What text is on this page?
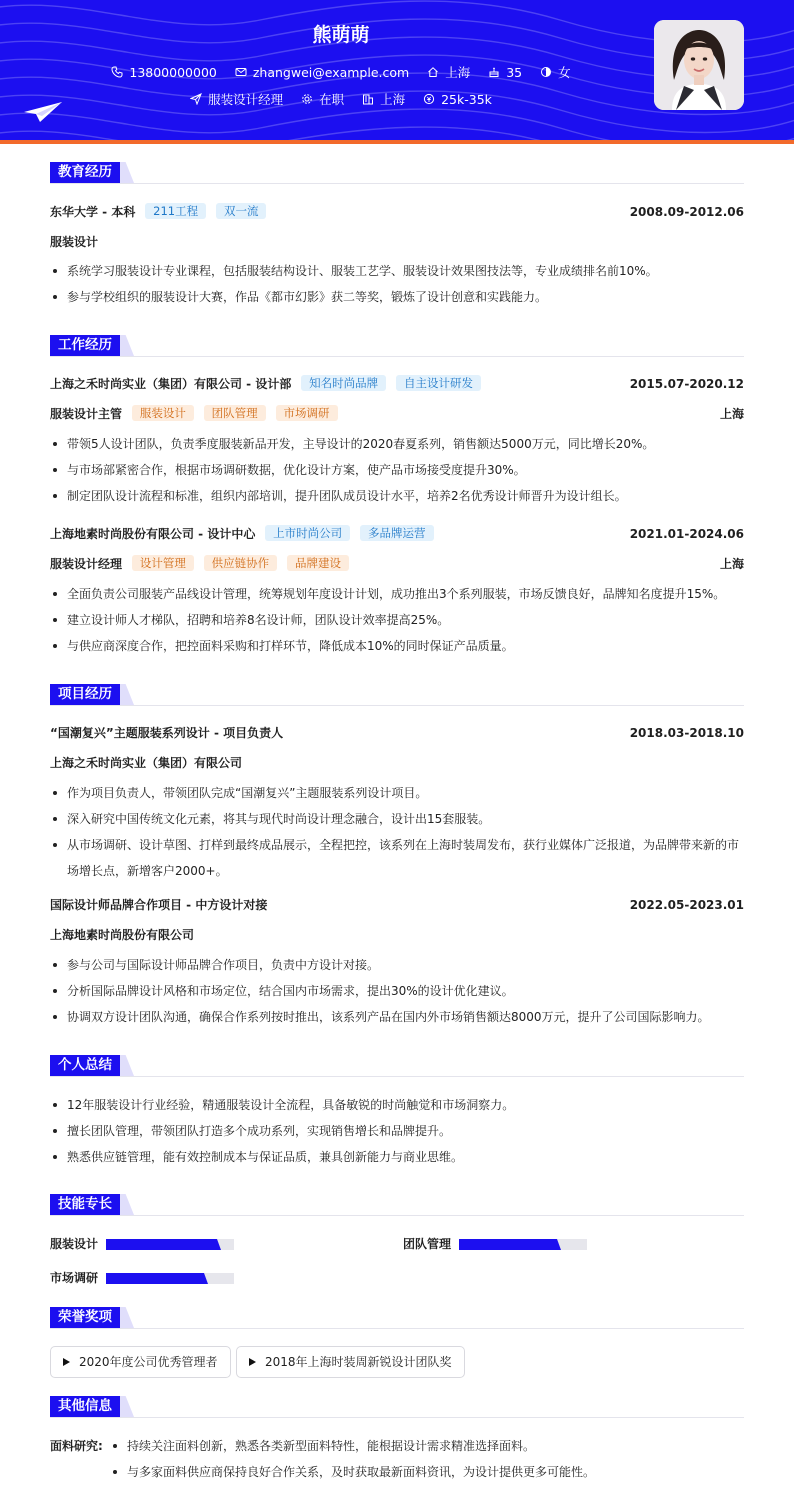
熊萌萌
13800000000	zhangwei@example.com	上海	35	女
服装设计经理	在职	上海	25k-35k
教育经历
东华大学 - 本科 211工程 双一流	2008.09-2012.06
服装设计
系统学习服装设计专业课程，包括服装结构设计、服装工艺学、服装设计效果图技法等，专业成绩排名前10%。
参与学校组织的服装设计大赛，作品《都市幻影》获二等奖，锻炼了设计创意和实践能力。
工作经历
上海之禾时尚实业（集团）有限公司 - 设计部 知名时尚品牌 自主设计研发	2015.07-2020.12
服装设计主管 服装设计 团队管理 市场调研	上海
带领5人设计团队，负责季度服装新品开发，主导设计的2020春夏系列，销售额达5000万元，同比增长20%。
与市场部紧密合作，根据市场调研数据，优化设计方案，使产品市场接受度提升30%。
制定团队设计流程和标准，组织内部培训，提升团队成员设计水平，培养2名优秀设计师晋升为设计组长。
上海地素时尚股份有限公司 - 设计中心 上市时尚公司 多品牌运营	2021.01-2024.06
服装设计经理 设计管理 供应链协作 品牌建设	上海
全面负责公司服装产品线设计管理，统筹规划年度设计计划，成功推出3个系列服装，市场反馈良好，品牌知名度提升15%。
建立设计师人才梯队，招聘和培养8名设计师，团队设计效率提高25%。
与供应商深度合作，把控面料采购和打样环节，降低成本10%的同时保证产品质量。
项目经历
“国潮复兴”主题服装系列设计 - 项目负责人	2018.03-2018.10
上海之禾时尚实业（集团）有限公司
作为项目负责人，带领团队完成“国潮复兴”主题服装系列设计项目。
深入研究中国传统文化元素，将其与现代时尚设计理念融合，设计出15套服装。
从市场调研、设计草图、打样到最终成品展示，全程把控，该系列在上海时装周发布，获行业媒体广泛报道，为品牌带来新的市场增长点，新增客户2000+。
国际设计师品牌合作项目 - 中方设计对接	2022.05-2023.01
上海地素时尚股份有限公司
参与公司与国际设计师品牌合作项目，负责中方设计对接。
分析国际品牌设计风格和市场定位，结合国内市场需求，提出30%的设计优化建议。
协调双方设计团队沟通，确保合作系列按时推出，该系列产品在国内外市场销售额达8000万元，提升了公司国际影响力。
个人总结
12年服装设计行业经验，精通服装设计全流程，具备敏锐的时尚触觉和市场洞察力。
擅长团队管理，带领团队打造多个成功系列，实现销售增长和品牌提升。
熟悉供应链管理，能有效控制成本与保证品质，兼具创新能力与商业思维。
技能专长
服装设计	团队管理
市场调研
荣誉奖项
2020年度公司优秀管理者	2018年上海时装周新锐设计团队奖
其他信息
面料研究:	持续关注面料创新，熟悉各类新型面料特性，能根据设计需求精准选择面料。
与多家面料供应商保持良好合作关系，及时获取最新面料资讯，为设计提供更多可能性。
